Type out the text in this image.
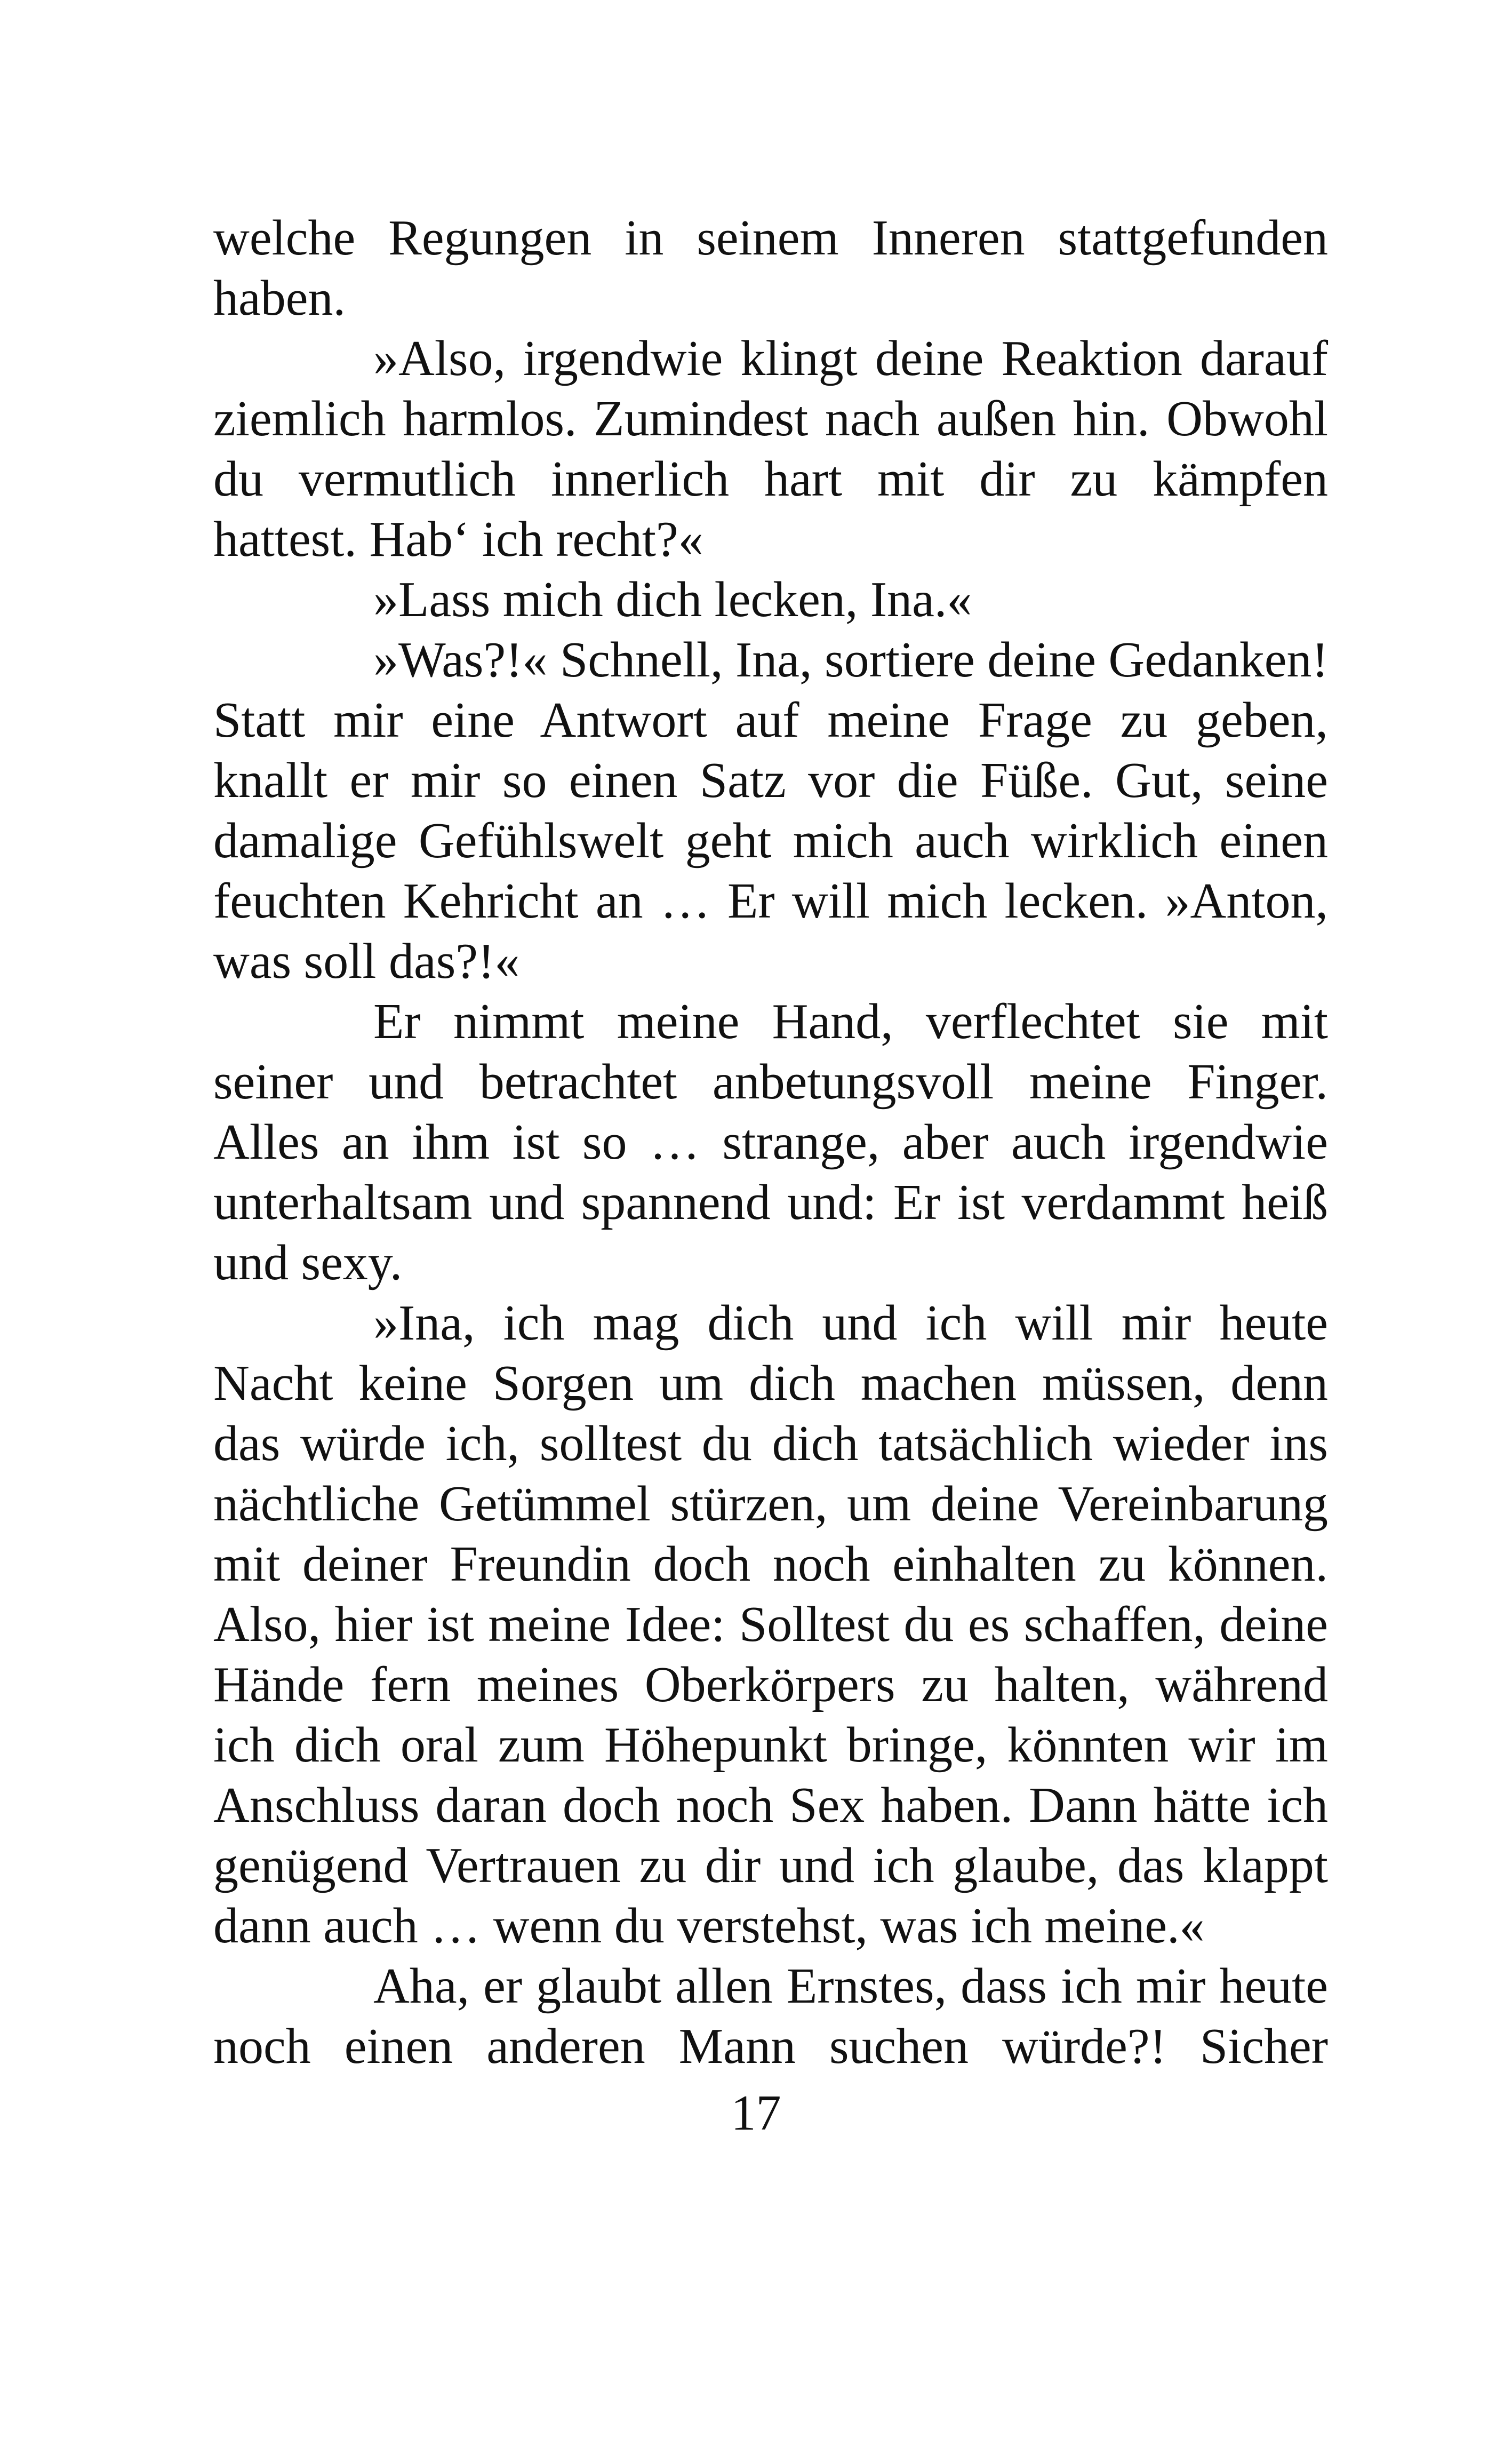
welche Regungen in seinem Inneren stattgefunden
haben.
»Also, irgendwie klingt deine Reaktion darauf
ziemlich harmlos. Zumindest nach außen hin. Obwohl
du vermutlich innerlich hart mit dir zu kämpfen
hattest. Hab‘ ich recht?«
»Lass mich dich lecken, Ina.«
»Was?!« Schnell, Ina, sortiere deine Gedanken!
Statt mir eine Antwort auf meine Frage zu geben,
knallt er mir so einen Satz vor die Füße. Gut, seine
damalige Gefühlswelt geht mich auch wirklich einen
feuchten Kehricht an … Er will mich lecken. »Anton,
was soll das?!«
Er nimmt meine Hand, verflechtet sie mit
seiner und betrachtet anbetungsvoll meine Finger.
Alles an ihm ist so … strange, aber auch irgendwie
unterhaltsam und spannend und: Er ist verdammt heiß
und sexy.
»Ina, ich mag dich und ich will mir heute
Nacht keine Sorgen um dich machen müssen, denn
das würde ich, solltest du dich tatsächlich wieder ins
nächtliche Getümmel stürzen, um deine Vereinbarung
mit deiner Freundin doch noch einhalten zu können.
Also, hier ist meine Idee: Solltest du es schaffen, deine
Hände fern meines Oberkörpers zu halten, während
ich dich oral zum Höhepunkt bringe, könnten wir im
Anschluss daran doch noch Sex haben. Dann hätte ich
genügend Vertrauen zu dir und ich glaube, das klappt
dann auch … wenn du verstehst, was ich meine.«
Aha, er glaubt allen Ernstes, dass ich mir heute
noch einen anderen Mann suchen würde?! Sicher
17
